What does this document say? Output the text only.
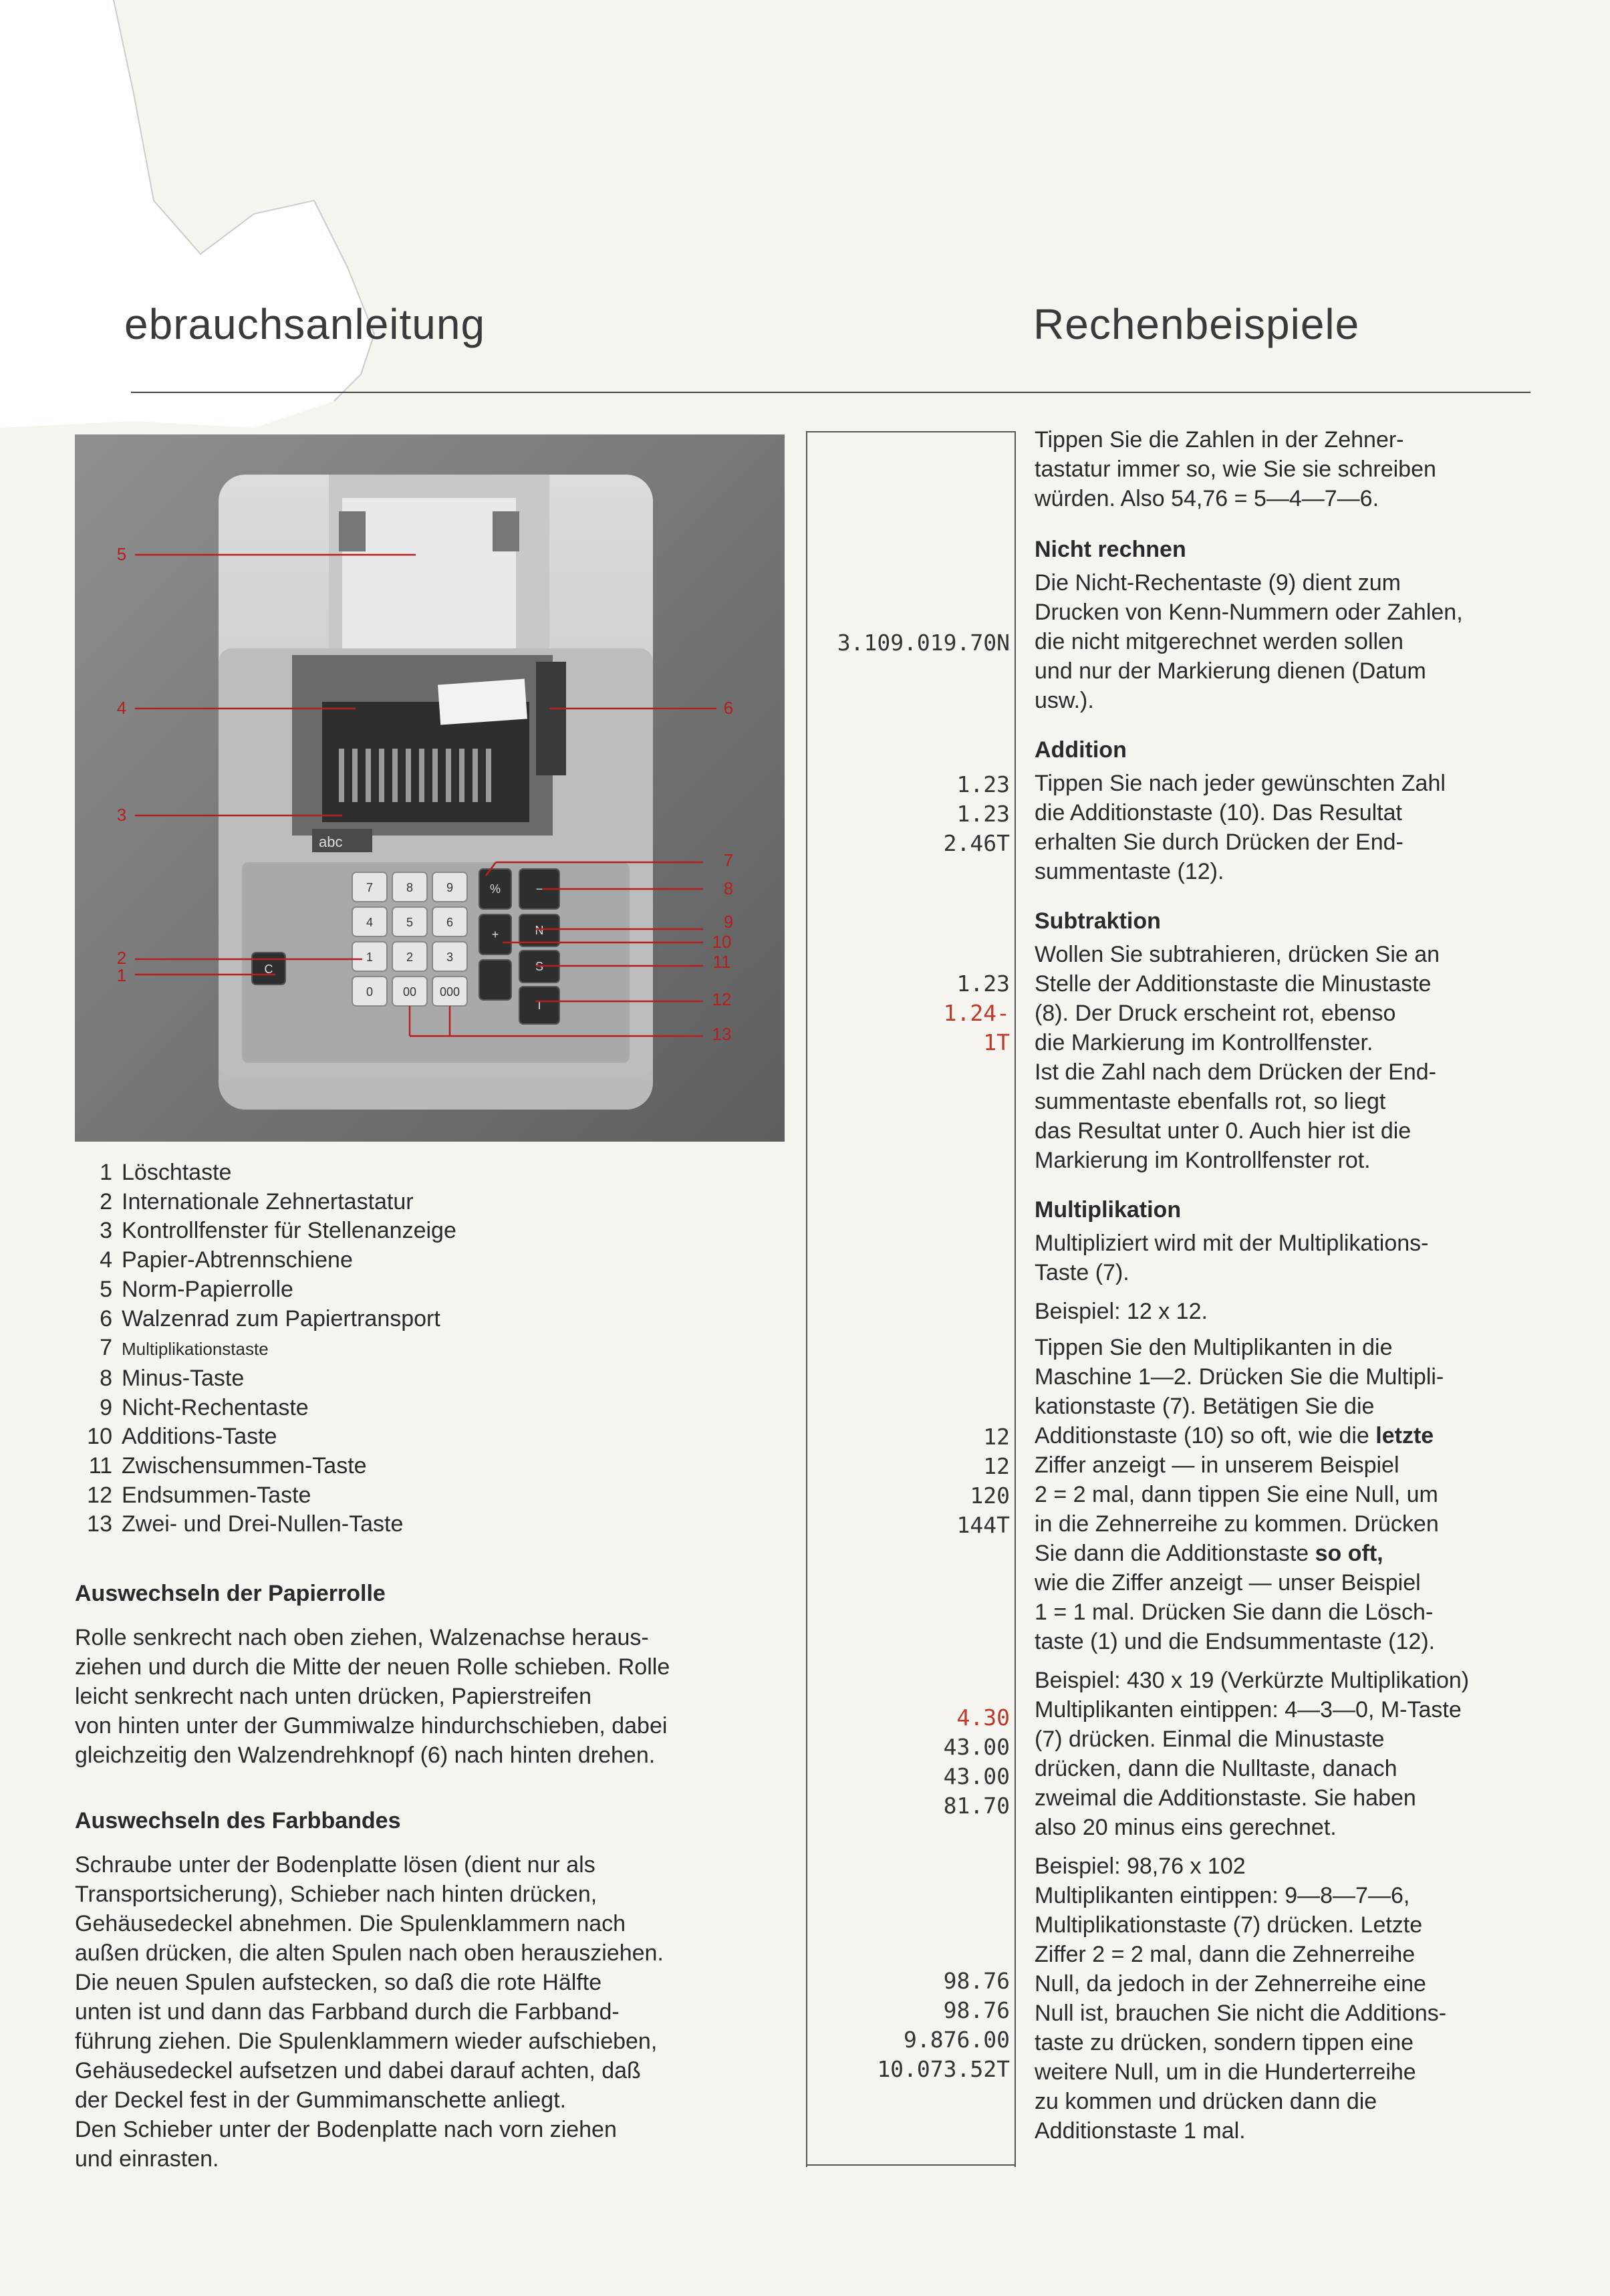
ebrauchsanleitung	Rechenbeispiele
abc
7	8	9
4	5	6
1	2	3
0 00 000
C
%	−
+	N
S
T
5
4
3
2
1
6
7
8
9
10
11
12
13
1 Löschtaste
2 Internationale Zehnertastatur
3 Kontrollfenster für Stellenanzeige
4 Papier-Abtrennschiene
5 Norm-Papierrolle
6 Walzenrad zum Papiertransport
7 Multiplikationstaste
8 Minus-Taste
9 Nicht-Rechentaste
10 Additions-Taste
11 Zwischensummen-Taste
12 Endsummen-Taste
13 Zwei- und Drei-Nullen-Taste

Auswechseln der Papierrolle

Rolle senkrecht nach oben ziehen, Walzenachse heraus-

ziehen und durch die Mitte der neuen Rolle schieben. Rolle

leicht senkrecht nach unten drücken, Papierstreifen

von hinten unter der Gummiwalze hindurchschieben, dabei

gleichzeitig den Walzendrehknopf (6) nach hinten drehen.

Auswechseln des Farbbandes

Schraube unter der Bodenplatte lösen (dient nur als

Transportsicherung), Schieber nach hinten drücken,

Gehäusedeckel abnehmen. Die Spulenklammern nach

außen drücken, die alten Spulen nach oben herausziehen.

Die neuen Spulen aufstecken, so daß die rote Hälfte

unten ist und dann das Farbband durch die Farbband-

führung ziehen. Die Spulenklammern wieder aufschieben,

Gehäusedeckel aufsetzen und dabei darauf achten, daß

der Deckel fest in der Gummimanschette anliegt.

Den Schieber unter der Bodenplatte nach vorn ziehen

und einrasten.

3.109.019.70N
1.23
1.23
2.46T
1.23
1.24-
1T
12
12
120
144T
4.30
43.00
43.00
81.70
98.76
98.76
9.876.00
10.073.52T

Tippen Sie die Zahlen in der Zehner-

tastatur immer so, wie Sie sie schreiben

würden. Also 54,76 = 5—4—7—6.

Nicht rechnen

Die Nicht-Rechentaste (9) dient zum

Drucken von Kenn-Nummern oder Zahlen,

die nicht mitgerechnet werden sollen

und nur der Markierung dienen (Datum

usw.).

Addition

Tippen Sie nach jeder gewünschten Zahl

die Additionstaste (10). Das Resultat

erhalten Sie durch Drücken der End-

summentaste (12).

Subtraktion

Wollen Sie subtrahieren, drücken Sie an

Stelle der Additionstaste die Minustaste

(8). Der Druck erscheint rot, ebenso

die Markierung im Kontrollfenster.

Ist die Zahl nach dem Drücken der End-

summentaste ebenfalls rot, so liegt

das Resultat unter 0. Auch hier ist die

Markierung im Kontrollfenster rot.

Multiplikation

Multipliziert wird mit der Multiplikations-

Taste (7).

Beispiel: 12 x 12.

Tippen Sie den Multiplikanten in die

Maschine 1—2. Drücken Sie die Multipli-

kationstaste (7). Betätigen Sie die

Additionstaste (10) so oft, wie die letzte

Ziffer anzeigt — in unserem Beispiel

2 = 2 mal, dann tippen Sie eine Null, um

in die Zehnerreihe zu kommen. Drücken

Sie dann die Additionstaste so oft,

wie die Ziffer anzeigt — unser Beispiel

1 = 1 mal. Drücken Sie dann die Lösch-

taste (1) und die Endsummentaste (12).

Beispiel: 430 x 19 (Verkürzte Multiplikation)

Multiplikanten eintippen: 4—3—0, M-Taste

(7) drücken. Einmal die Minustaste

drücken, dann die Nulltaste, danach

zweimal die Additionstaste. Sie haben

also 20 minus eins gerechnet.

Beispiel: 98,76 x 102

Multiplikanten eintippen: 9—8—7—6,

Multiplikationstaste (7) drücken. Letzte

Ziffer 2 = 2 mal, dann die Zehnerreihe

Null, da jedoch in der Zehnerreihe eine

Null ist, brauchen Sie nicht die Additions-

taste zu drücken, sondern tippen eine

weitere Null, um in die Hunderterreihe

zu kommen und drücken dann die

Additionstaste 1 mal.
